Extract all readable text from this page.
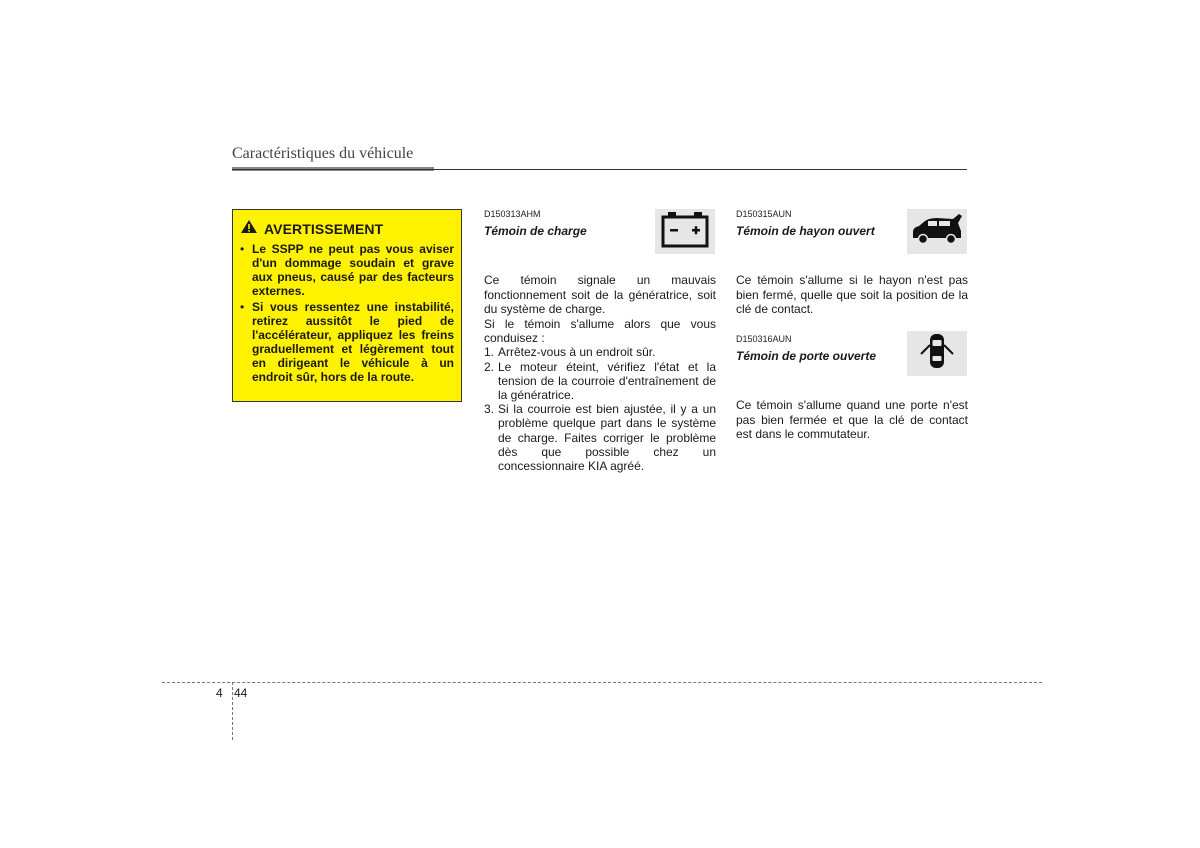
Caractéristiques du véhicule
AVERTISSEMENT
• Le SSPP ne peut pas vous aviser d'un dommage soudain et grave aux pneus, causé par des facteurs externes.
• Si vous ressentez une instabilité, retirez aussitôt le pied de l'accélérateur, appliquez les freins graduellement et légèrement tout en dirigeant le véhicule à un endroit sûr, hors de la route.
D150313AHM
Témoin de charge

Ce témoin signale un mauvais fonctionnement soit de la génératrice, soit du système de charge.

Si le témoin s'allume alors que vous conduisez :

1. Arrêtez-vous à un endroit sûr.
2. Le moteur éteint, vérifiez l'état et la tension de la courroie d'entraînement de la génératrice.
3. Si la courroie est bien ajustée, il y a un problème quelque part dans le système de charge. Faites corriger le problème dès que possible chez un concessionnaire KIA agréé.
D150315AUN
Témoin de hayon ouvert

Ce témoin s'allume si le hayon n'est pas bien fermé, quelle que soit la position de la clé de contact.

D150316AUN
Témoin de porte ouverte

Ce témoin s'allume quand une porte n'est pas bien fermée et que la clé de contact est dans le commutateur.

4 44
